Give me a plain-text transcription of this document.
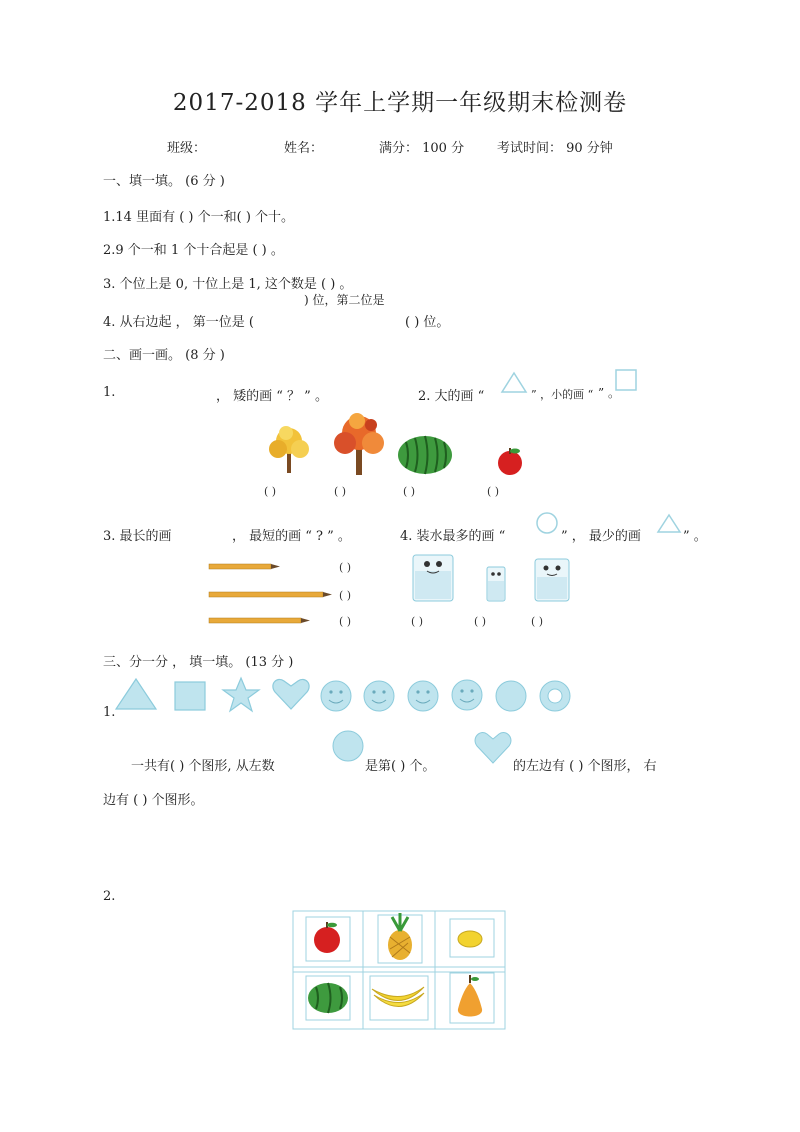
2017-2018 学年上学期一年级期末检测卷
班级：	姓名：	满分： 100 分	考试时间： 90 分钟
一、填一填。 (6 分 )
1.14 里面有 ( ) 个一和( ) 个十。
2.9 个一和 1 个十合起是 ( ) 。
3. 个位上是 0, 十位上是 1, 这个数是 ( ) 。
) 位，第二位是
4. 从右边起 ， 第一位是 (	( ) 位。
二、画一画。 (8 分 )
1.	， 矮的画 “ ？ ” 。	2. 大的画 “	” ，小的画 “ ” 。
( )	( )	( )	( )
3. 最长的画	， 最短的画 “ ? ” 。	4. 装水最多的画 “	” ， 最少的画	” 。
( )
( )
( )	( )	( )	( )
三、分一分 ， 填一填。 (13 分 )
1.
一共有( ) 个图形, 从左数	是第( ) 个。	的左边有 ( ) 个图形， 右
边有 ( ) 个图形。
2.
